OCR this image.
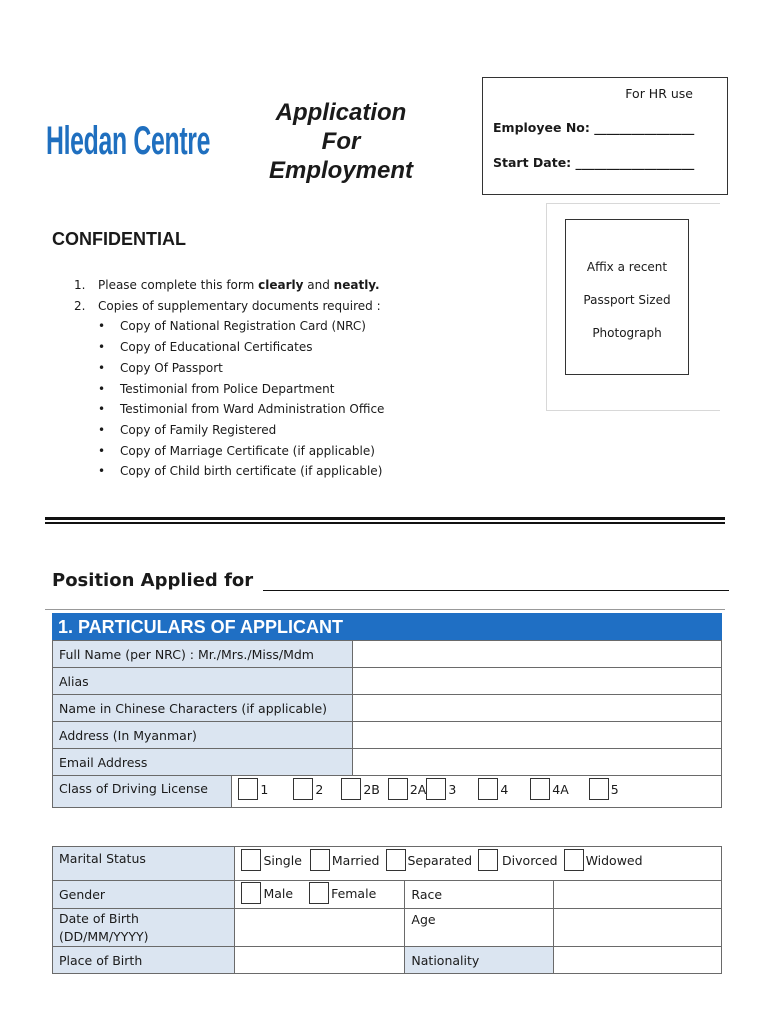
Hledan Centre
Application
For
Employment
For HR use
Employee No: ________________
Start Date: ___________________
Affix a recent
Passport Sized
Photograph
CONFIDENTIAL
1. Please complete this form clearly and neatly.
2. Copies of supplementary documents required :
• Copy of National Registration Card (NRC)
• Copy of Educational Certificates
• Copy Of Passport
• Testimonial from Police Department
• Testimonial from Ward Administration Office
• Copy of Family Registered
• Copy of Marriage Certificate (if applicable)
• Copy of Child birth certificate (if applicable)
Position Applied for
1. PARTICULARS OF APPLICANT
Full Name (per NRC) : Mr./Mrs./Miss/Mdm	
Alias	
Name in Chinese Characters (if applicable)	
Address (In Myanmar)	
Email Address	
Class of Driving License	1	2	2B 2A 3	4	4A	5
Marital Status	Single Married Separated Divorced Widowed		

Gender	Male Female	Race	

Date of Birth
(DD/MM/YYYY)		Age	
Place of Birth		Nationality	
